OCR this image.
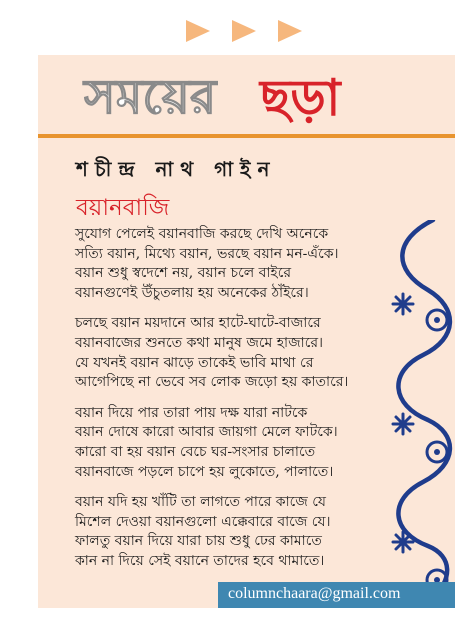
সময়ের ছড়া
শচীন্দ্র নাথ গাইন
বয়ানবাজি
সুযোগ পেলেই বয়ানবাজি করছে দেখি অনেকে
সত্যি বয়ান, মিথ্যে বয়ান, ভরছে বয়ান মন-এঁকে।
বয়ান শুধু স্বদেশে নয়, বয়ান চলে বাইরে
বয়ানগুণেই উঁচুতলায় হয় অনেকের ঠাঁইরে।
চলছে বয়ান ময়দানে আর হাটে-ঘাটে-বাজারে
বয়ানবাজের শুনতে কথা মানুষ জমে হাজারে।
যে যখনই বয়ান ঝাড়ে তাকেই ভাবি মাথা রে
আগেপিছে না ভেবে সব লোক জড়ো হয় কাতারে।
বয়ান দিয়ে পার তারা পায় দক্ষ যারা নাটকে
বয়ান দোষে কারো আবার জায়গা মেলে ফাটকে।
কারো বা হয় বয়ান বেচে ঘর-সংসার চালাতে
বয়ানবাজে পড়লে চাপে হয় লুকোতে, পালাতে।
বয়ান যদি হয় খাঁটি তা লাগতে পারে কাজে যে
মিশেল দেওয়া বয়ানগুলো এক্কেবারে বাজে যে।
ফালতু বয়ান দিয়ে যারা চায় শুধু ঢের কামাতে
কান না দিয়ে সেই বয়ানে তাদের হবে থামাতে।
columnchaara@gmail.com
